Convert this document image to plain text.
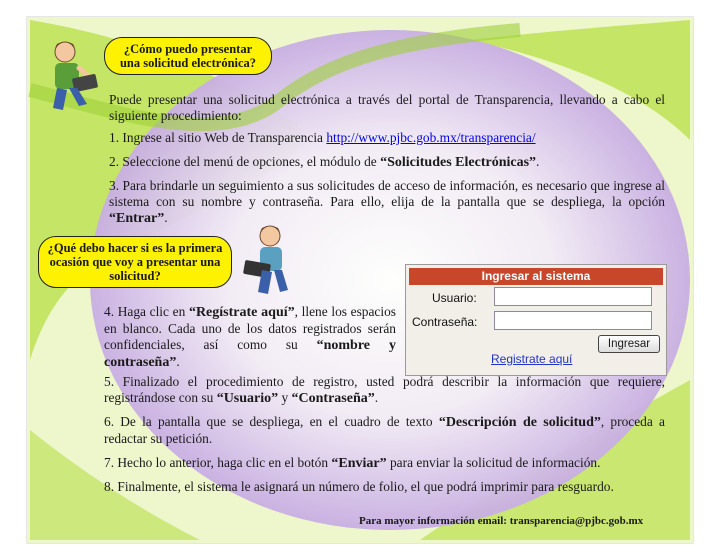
¿Cómo puedo presentar una solicitud electrónica?
¿Qué debo hacer si es la primera ocasión que voy a presentar una solicitud?
Puede presentar una solicitud electrónica a través del portal de Transparencia, llevando a cabo el siguiente procedimiento:
1. Ingrese al sitio Web de Transparencia http://www.pjbc.gob.mx/transparencia/
2. Seleccione del menú de opciones, el módulo de “Solicitudes Electrónicas”.
3. Para brindarle un seguimiento a sus solicitudes de acceso de información, es necesario que ingrese al sistema con su nombre y contraseña. Para ello, elija de la pantalla que se despliega, la opción “Entrar”.
4. Haga clic en “Regístrate aquí”, llene los espacios en blanco. Cada uno de los datos registrados serán confidenciales, así como su “nombre y contraseña”.
Ingresar al sistema
Usuario:
Contraseña:
Ingresar
Registrate aquí
5. Finalizado el procedimiento de registro, usted podrá describir la información que requiere, registrándose con su “Usuario” y “Contraseña”.
6. De la pantalla que se despliega, en el cuadro de texto “Descripción de solicitud”, proceda a redactar su petición.
7. Hecho lo anterior, haga clic en el botón “Enviar” para enviar la solicitud de información.
8. Finalmente, el sistema le asignará un número de folio, el que podrá imprimir para resguardo.
Para mayor información email: transparencia@pjbc.gob.mx
